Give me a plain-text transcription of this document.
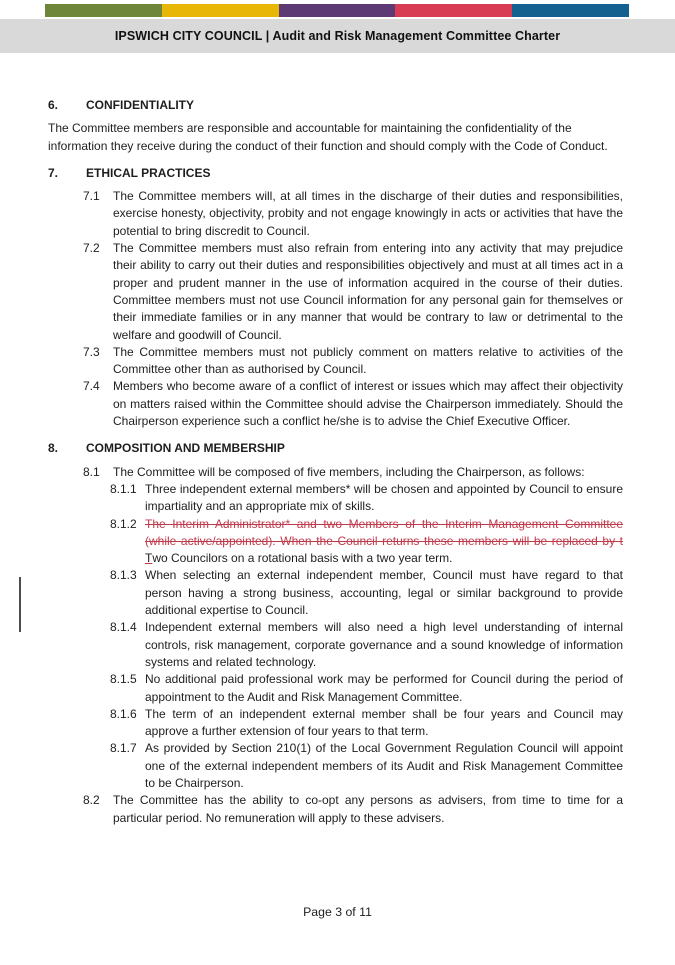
IPSWICH CITY COUNCIL | Audit and Risk Management Committee Charter
6.	CONFIDENTIALITY
The Committee members are responsible and accountable for maintaining the confidentiality of the information they receive during the conduct of their function and should comply with the Code of Conduct.
7.	ETHICAL PRACTICES
7.1	The Committee members will, at all times in the discharge of their duties and responsibilities, exercise honesty, objectivity, probity and not engage knowingly in acts or activities that have the potential to bring discredit to Council.
7.2	The Committee members must also refrain from entering into any activity that may prejudice their ability to carry out their duties and responsibilities objectively and must at all times act in a proper and prudent manner in the use of information acquired in the course of their duties. Committee members must not use Council information for any personal gain for themselves or their immediate families or in any manner that would be contrary to law or detrimental to the welfare and goodwill of Council.
7.3	The Committee members must not publicly comment on matters relative to activities of the Committee other than as authorised by Council.
7.4	Members who become aware of a conflict of interest or issues which may affect their objectivity on matters raised within the Committee should advise the Chairperson immediately. Should the Chairperson experience such a conflict he/she is to advise the Chief Executive Officer.
8.	COMPOSITION AND MEMBERSHIP
8.1	The Committee will be composed of five members, including the Chairperson, as follows:
8.1.1 Three independent external members* will be chosen and appointed by Council to ensure impartiality and an appropriate mix of skills.
8.1.2 The Interim Administrator* and two Members of the Interim Management Committee (while active/appointed). When the Council returns these members will be replaced by t Two Councilors on a rotational basis with a two year term.
8.1.3 When selecting an external independent member, Council must have regard to that person having a strong business, accounting, legal or similar background to provide additional expertise to Council.
8.1.4 Independent external members will also need a high level understanding of internal controls, risk management, corporate governance and a sound knowledge of information systems and related technology.
8.1.5 No additional paid professional work may be performed for Council during the period of appointment to the Audit and Risk Management Committee.
8.1.6 The term of an independent external member shall be four years and Council may approve a further extension of four years to that term.
8.1.7 As provided by Section 210(1) of the Local Government Regulation Council will appoint one of the external independent members of its Audit and Risk Management Committee to be Chairperson.
8.2	The Committee has the ability to co-opt any persons as advisers, from time to time for a particular period. No remuneration will apply to these advisers.
Page 3 of 11
